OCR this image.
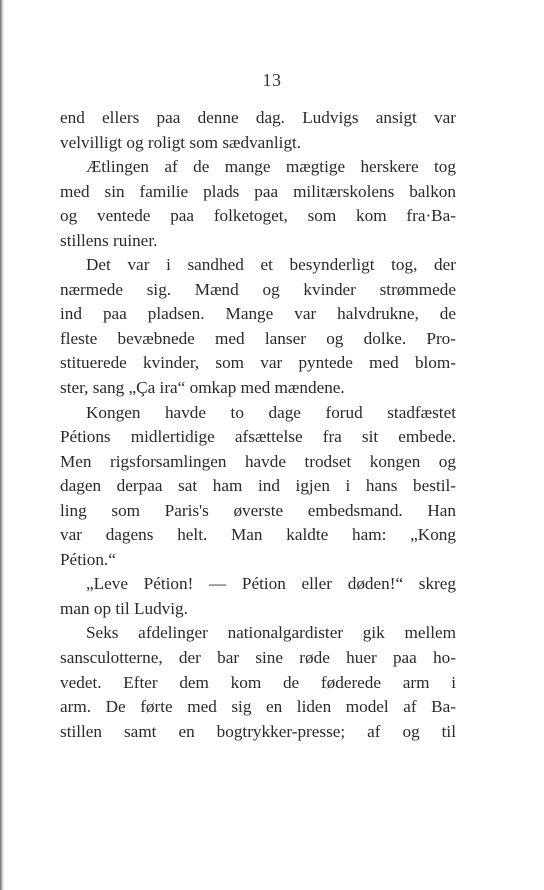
13
end ellers paa denne dag. Ludvigs ansigt var
velvilligt og roligt som sædvanligt.
Ætlingen af de mange mægtige herskere tog
med sin familie plads paa militærskolens balkon
og ventede paa folketoget, som kom fra·Ba-
stillens ruiner.
Det var i sandhed et besynderligt tog, der
nærmede sig. Mænd og kvinder strømmede
ind paa pladsen. Mange var halvdrukne, de
fleste bevæbnede med lanser og dolke. Pro-
stituerede kvinder, som var pyntede med blom-
ster, sang „Ça ira“ omkap med mændene.
Kongen havde to dage forud stadfæstet
Pétions midlertidige afsættelse fra sit embede.
Men rigsforsamlingen havde trodset kongen og
dagen derpaa sat ham ind igjen i hans bestil-
ling som Paris's øverste embedsmand. Han
var dagens helt. Man kaldte ham: „Kong
Pétion.“
„Leve Pétion! — Pétion eller døden!“ skreg
man op til Ludvig.
Seks afdelinger nationalgardister gik mellem
sansculotterne, der bar sine røde huer paa ho-
vedet. Efter dem kom de føderede arm i
arm. De førte med sig en liden model af Ba-
stillen samt en bogtrykker-presse; af og til
